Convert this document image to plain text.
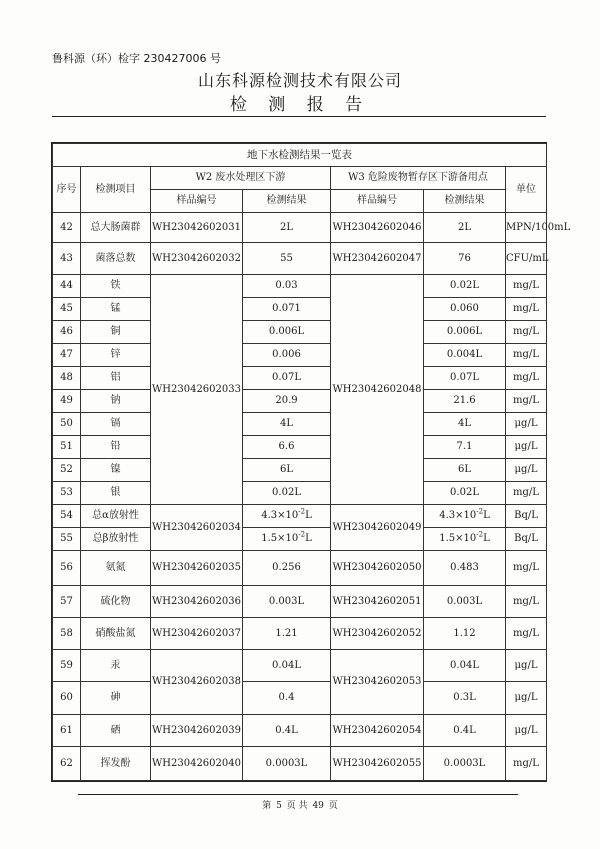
鲁科源（环）检字 230427006 号
山东科源检测技术有限公司
检 测 报 告
地下水检测结果一览表						
序号	检测项目	W2 废水处理区下游		W3 危险废物暂存区下游备用点		单位
		样品编号	检测结果	样品编号	检测结果	
42	总大肠菌群	WH23042602031	2L	WH23042602046	2L	MPN/100mL
43	菌落总数	WH23042602032	55	WH23042602047	76	CFU/mL
44	铁	WH23042602033	0.03	WH23042602048	0.02L	mg/L
45	锰		0.071		0.060	mg/L
46	铜		0.006L		0.006L	mg/L
47	锌		0.006		0.004L	mg/L
48	铝		0.07L		0.07L	mg/L
49	钠		20.9		21.6	mg/L
50	镉		4L		4L	μg/L
51	铅		6.6		7.1	μg/L
52	镍		6L		6L	μg/L
53	银		0.02L		0.02L	mg/L
54	总α放射性	WH23042602034	$4.3\times 10^{-2}L$	WH23042602049	$4.3\times 10^{-2}L$	Bq/L
55	总β放射性		$1.5\times 10^{-2}L$		$1.5\times 10^{-2}L$	Bq/L
56	氨氮	WH23042602035	0.256	WH23042602050	0.483	mg/L
57	硫化物	WH23042602036	0.003L	WH23042602051	0.003L	mg/L
58	硝酸盐氮	WH23042602037	1.21	WH23042602052	1.12	mg/L
59	汞	WH23042602038	0.04L	WH23042602053	0.04L	μg/L
60	砷		0.4		0.3L	μg/L
61	硒	WH23042602039	0.4L	WH23042602054	0.4L	μg/L
62	挥发酚	WH23042602040	0.0003L	WH23042602055	0.0003L	mg/L
第 5 页 共 49 页
